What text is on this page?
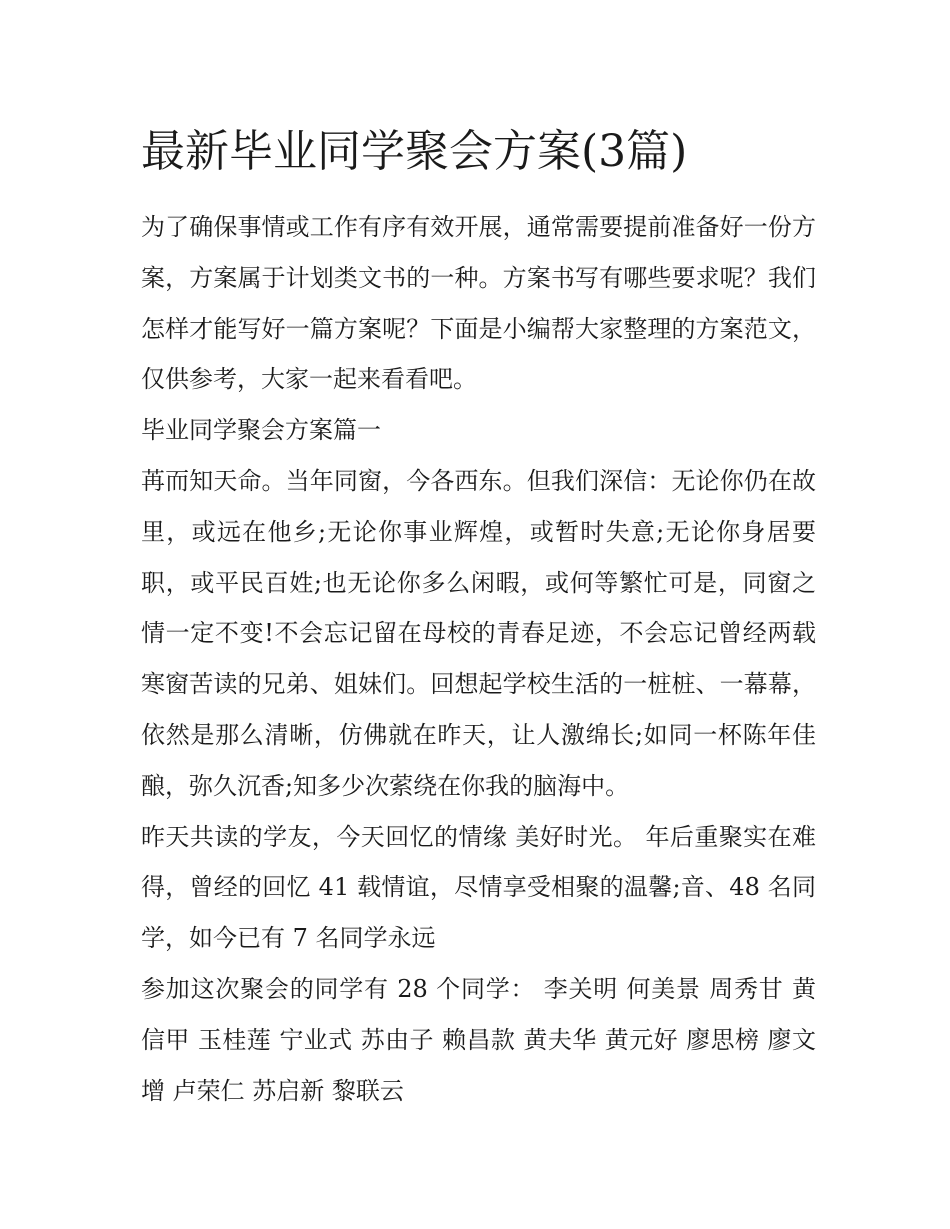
最新毕业同学聚会方案(3篇)

为了确保事情或工作有序有效开展，通常需要提前准备好一份方案，方案属于计划类文书的一种。方案书写有哪些要求呢？我们怎样才能写好一篇方案呢？下面是小编帮大家整理的方案范文，仅供参考，大家一起来看看吧。

毕业同学聚会方案篇一

苒而知天命。当年同窗，今各西东。但我们深信：无论你仍在故里，或远在他乡;无论你事业辉煌，或暂时失意;无论你身居要职，或平民百姓;也无论你多么闲暇，或何等繁忙可是，同窗之情一定不变!不会忘记留在母校的青春足迹，不会忘记曾经两载寒窗苦读的兄弟、姐妹们。回想起学校生活的一桩桩、一幕幕，依然是那么清晰，仿佛就在昨天，让人激绵长;如同一杯陈年佳酿，弥久沉香;知多少次萦绕在你我的脑海中。

昨天共读的学友，今天回忆的情缘 美好时光。 年后重聚实在难得，曾经的回忆 41 载情谊，尽情享受相聚的温馨;音、48 名同学，如今已有 7 名同学永远

参加这次聚会的同学有 28 个同学： 李关明 何美景 周秀甘 黄信甲 玉桂莲 宁业式 苏由子 赖昌款 黄夫华 黄元好 廖思榜 廖文增 卢荣仁 苏启新 黎联云
